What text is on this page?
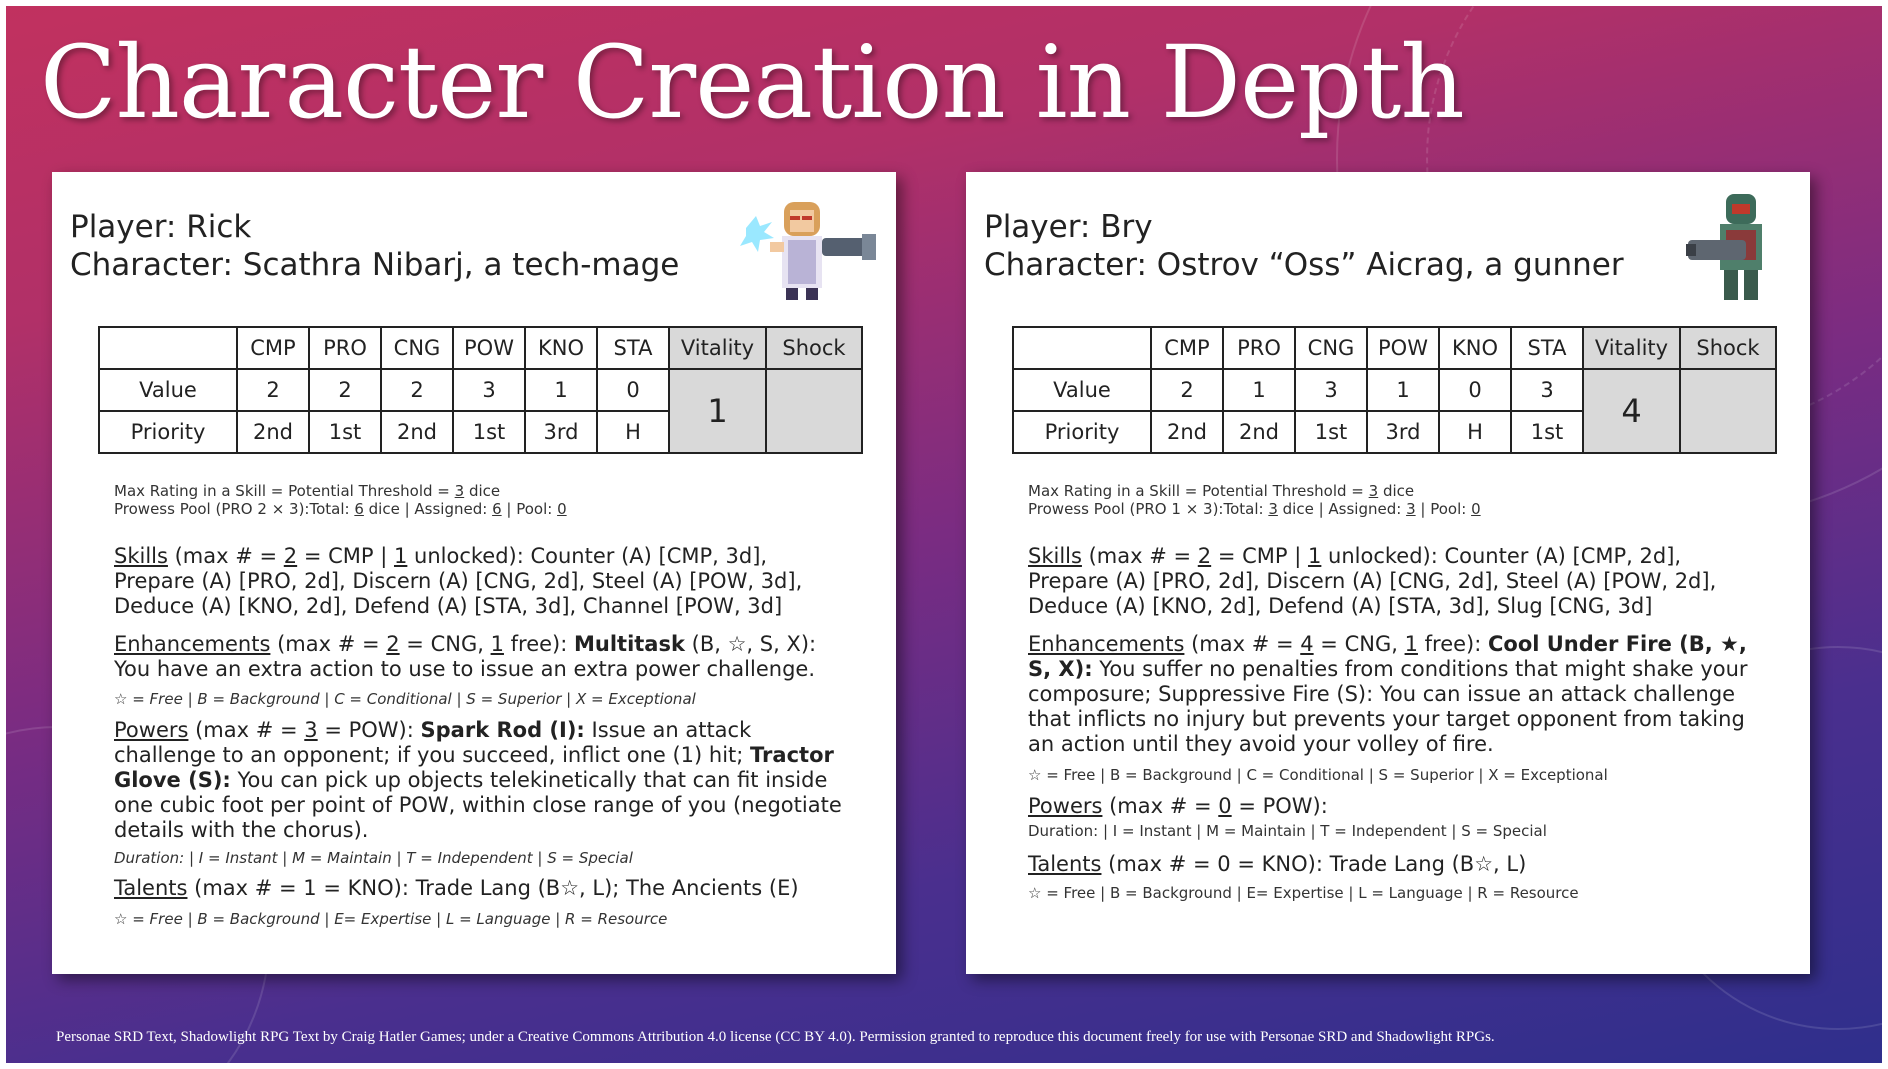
Character Creation in Depth
Player: Rick
Character: Scathra Nibarj, a tech-mage
	CMP	PRO	CNG	POW	KNO	STA	Vitality	Shock
Value	2	2	2	3	1	0	1	
Priority	2nd	1st	2nd	1st	3rd	H		
Max Rating in a Skill = Potential Threshold = 3 dice
Prowess Pool (PRO 2 × 3):Total: 6 dice | Assigned: 6 | Pool: 0
Skills (max # = 2 = CMP | 1 unlocked): Counter (A) [CMP, 3d], Prepare (A) [PRO, 2d], Discern (A) [CNG, 2d], Steel (A) [POW, 3d], Deduce (A) [KNO, 2d], Defend (A) [STA, 3d], Channel [POW, 3d]
Enhancements (max # = 2 = CNG, 1 free): Multitask (B, ☆, S, X): You have an extra action to use to issue an extra power challenge.
☆ = Free | B = Background | C = Conditional | S = Superior | X = Exceptional
Powers (max # = 3 = POW): Spark Rod (I): Issue an attack challenge to an opponent; if you succeed, inflict one (1) hit; Tractor Glove (S): You can pick up objects telekinetically that can fit inside one cubic foot per point of POW, within close range of you (negotiate details with the chorus).
Duration: | I = Instant | M = Maintain | T = Independent | S = Special
Talents (max # = 1 = KNO): Trade Lang (B☆, L); The Ancients (E)
☆ = Free | B = Background | E= Expertise | L = Language | R = Resource
Player: Bry
Character: Ostrov “Oss” Aicrag, a gunner
	CMP	PRO	CNG	POW	KNO	STA	Vitality	Shock
Value	2	1	3	1	0	3	4	
Priority	2nd	2nd	1st	3rd	H	1st		
Max Rating in a Skill = Potential Threshold = 3 dice
Prowess Pool (PRO 1 × 3):Total: 3 dice | Assigned: 3 | Pool: 0
Skills (max # = 2 = CMP | 1 unlocked): Counter (A) [CMP, 2d], Prepare (A) [PRO, 2d], Discern (A) [CNG, 2d], Steel (A) [POW, 2d], Deduce (A) [KNO, 2d], Defend (A) [STA, 3d], Slug [CNG, 3d]
Enhancements (max # = 4 = CNG, 1 free): Cool Under Fire (B, ★, S, X): You suffer no penalties from conditions that might shake your composure; Suppressive Fire (S): You can issue an attack challenge that inflicts no injury but prevents your target opponent from taking an action until they avoid your volley of fire.
☆ = Free | B = Background | C = Conditional | S = Superior | X = Exceptional
Powers (max # = 0 = POW):
Duration: | I = Instant | M = Maintain | T = Independent | S = Special
Talents (max # = 0 = KNO): Trade Lang (B☆, L)
☆ = Free | B = Background | E= Expertise | L = Language | R = Resource
Personae SRD Text, Shadowlight RPG Text by Craig Hatler Games; under a Creative Commons Attribution 4.0 license (CC BY 4.0). Permission granted to reproduce this document freely for use with Personae SRD and Shadowlight RPGs.
